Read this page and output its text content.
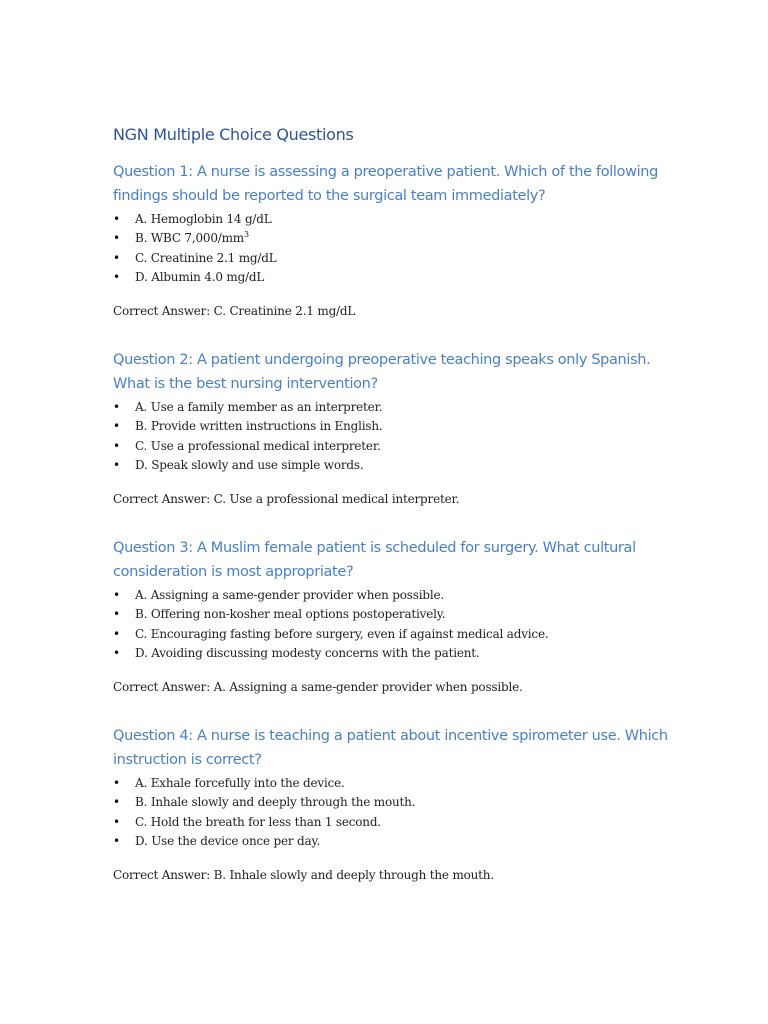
NGN Multiple Choice Questions

Question 1: A nurse is assessing a preoperative patient. Which of the following findings should be reported to the surgical team immediately?

• A. Hemoglobin 14 g/dL
• B. WBC $7,000/mm^3$
• C. Creatinine 2.1 mg/dL
• D. Albumin 4.0 mg/dL

Correct Answer: C. Creatinine 2.1 mg/dL

Question 2: A patient undergoing preoperative teaching speaks only Spanish. What is the best nursing intervention?

• A. Use a family member as an interpreter.
• B. Provide written instructions in English.
• C. Use a professional medical interpreter.
• D. Speak slowly and use simple words.

Correct Answer: C. Use a professional medical interpreter.

Question 3: A Muslim female patient is scheduled for surgery. What cultural consideration is most appropriate?

• A. Assigning a same-gender provider when possible.
• B. Offering non-kosher meal options postoperatively.
• C. Encouraging fasting before surgery, even if against medical advice.
• D. Avoiding discussing modesty concerns with the patient.

Correct Answer: A. Assigning a same-gender provider when possible.

Question 4: A nurse is teaching a patient about incentive spirometer use. Which instruction is correct?

• A. Exhale forcefully into the device.
• B. Inhale slowly and deeply through the mouth.
• C. Hold the breath for less than 1 second.
• D. Use the device once per day.

Correct Answer: B. Inhale slowly and deeply through the mouth.
